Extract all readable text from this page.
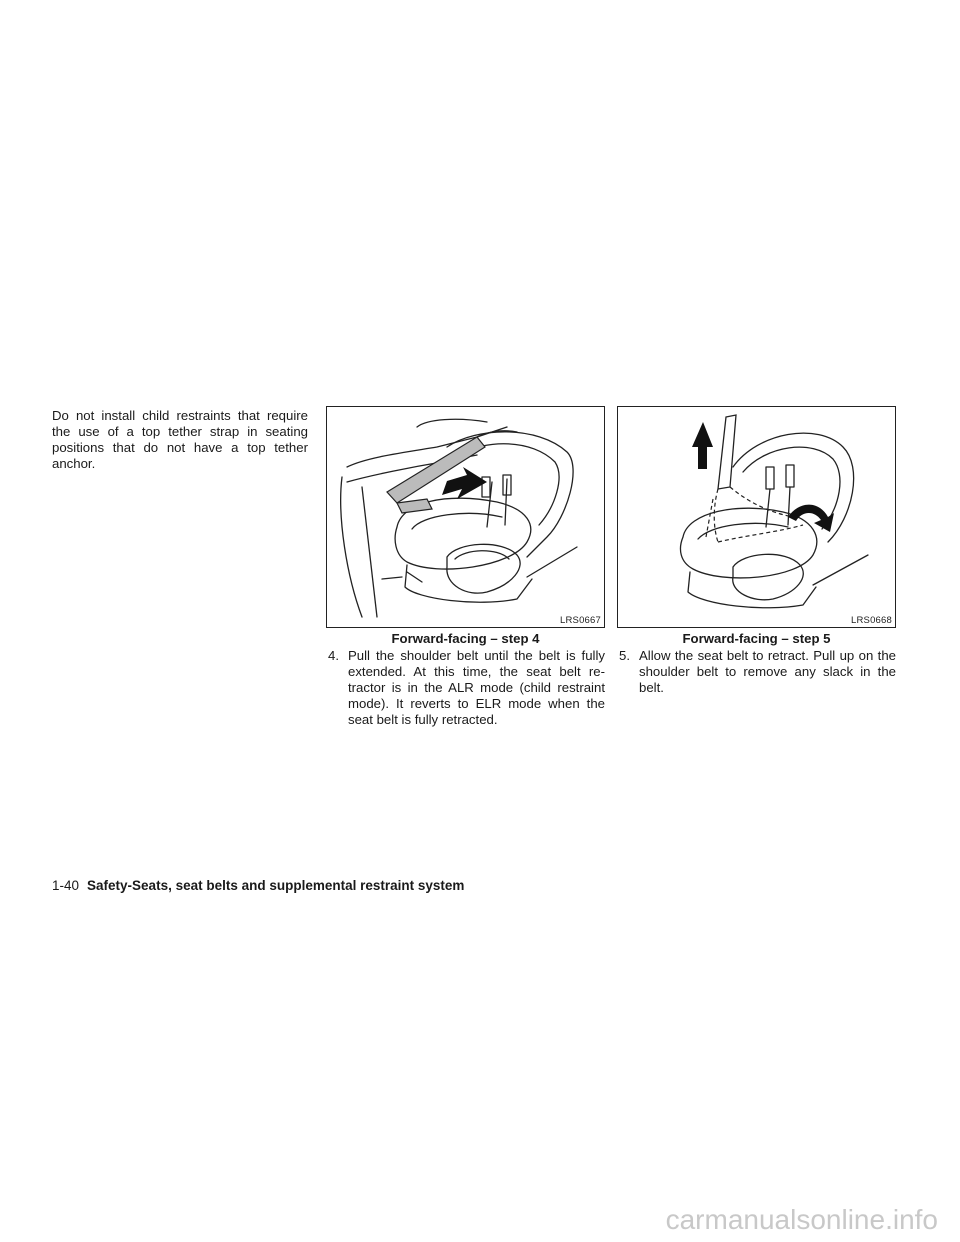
Do not install child restraints that require the use of a top tether strap in seating positions that do not have a top tether anchor.
LRS0667	LRS0668
Forward-facing – step 4	Forward-facing – step 5
4. Pull the shoulder belt until the belt is fully extended. At this time, the seat belt re-tractor is in the ALR mode (child restraint mode). It reverts to ELR mode when the seat belt is fully retracted.
5. Allow the seat belt to retract. Pull up on the shoulder belt to remove any slack in the belt.
1-40 Safety-Seats, seat belts and supplemental restraint system
carmanualsonline.info
